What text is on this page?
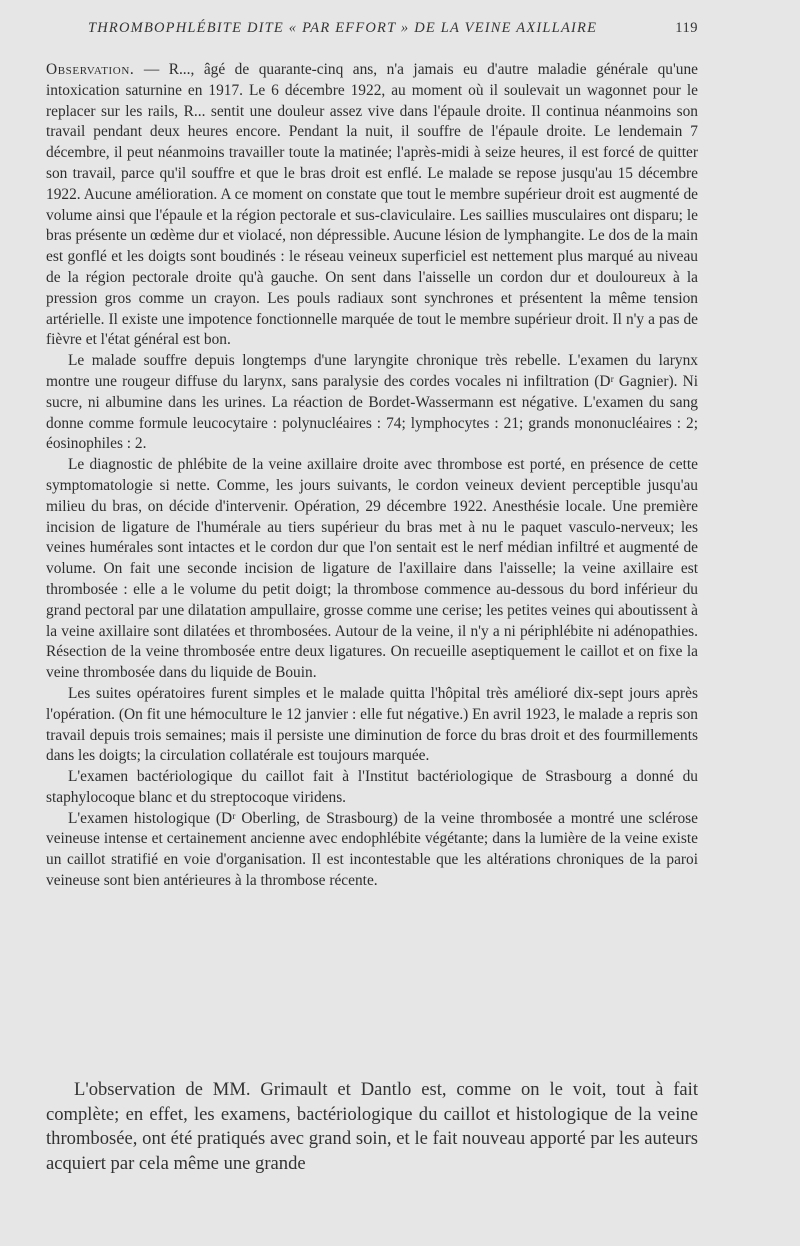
THROMBOPHLÉBITE DITE « PAR EFFORT » DE LA VEINE AXILLAIRE	119

Observation. — R..., âgé de quarante-cinq ans, n'a jamais eu d'autre maladie générale qu'une intoxication saturnine en 1917. Le 6 décembre 1922, au moment où il soulevait un wagonnet pour le replacer sur les rails, R... sentit une douleur assez vive dans l'épaule droite. Il continua néanmoins son travail pendant deux heures encore. Pendant la nuit, il souffre de l'épaule droite. Le lendemain 7 décembre, il peut néanmoins travailler toute la matinée; l'après-midi à seize heures, il est forcé de quitter son travail, parce qu'il souffre et que le bras droit est enflé. Le malade se repose jusqu'au 15 décembre 1922. Aucune amélioration. A ce moment on constate que tout le membre supérieur droit est augmenté de volume ainsi que l'épaule et la région pectorale et sus-claviculaire. Les saillies musculaires ont disparu; le bras présente un œdème dur et violacé, non dépressible. Aucune lésion de lymphangite. Le dos de la main est gonflé et les doigts sont boudinés : le réseau veineux superficiel est nettement plus marqué au niveau de la région pectorale droite qu'à gauche. On sent dans l'aisselle un cordon dur et douloureux à la pression gros comme un crayon. Les pouls radiaux sont synchrones et présentent la même tension artérielle. Il existe une impotence fonctionnelle marquée de tout le membre supérieur droit. Il n'y a pas de fièvre et l'état général est bon.

Le malade souffre depuis longtemps d'une laryngite chronique très rebelle. L'examen du larynx montre une rougeur diffuse du larynx, sans paralysie des cordes vocales ni infiltration (Dʳ Gagnier). Ni sucre, ni albumine dans les urines. La réaction de Bordet-Wassermann est négative. L'examen du sang donne comme formule leucocytaire : polynucléaires : 74; lymphocytes : 21; grands mononucléaires : 2; éosinophiles : 2.

Le diagnostic de phlébite de la veine axillaire droite avec thrombose est porté, en présence de cette symptomatologie si nette. Comme, les jours suivants, le cordon veineux devient perceptible jusqu'au milieu du bras, on décide d'intervenir. Opération, 29 décembre 1922. Anesthésie locale. Une première incision de ligature de l'humérale au tiers supérieur du bras met à nu le paquet vasculo-nerveux; les veines humérales sont intactes et le cordon dur que l'on sentait est le nerf médian infiltré et augmenté de volume. On fait une seconde incision de ligature de l'axillaire dans l'aisselle; la veine axillaire est thrombosée : elle a le volume du petit doigt; la thrombose commence au-dessous du bord inférieur du grand pectoral par une dilatation ampullaire, grosse comme une cerise; les petites veines qui aboutissent à la veine axillaire sont dilatées et thrombosées. Autour de la veine, il n'y a ni périphlébite ni adénopathies. Résection de la veine thrombosée entre deux ligatures. On recueille aseptiquement le caillot et on fixe la veine thrombosée dans du liquide de Bouin.

Les suites opératoires furent simples et le malade quitta l'hôpital très amélioré dix-sept jours après l'opération. (On fit une hémoculture le 12 janvier : elle fut négative.) En avril 1923, le malade a repris son travail depuis trois semaines; mais il persiste une diminution de force du bras droit et des fourmillements dans les doigts; la circulation collatérale est toujours marquée.

L'examen bactériologique du caillot fait à l'Institut bactériologique de Strasbourg a donné du staphylocoque blanc et du streptocoque viridens.

L'examen histologique (Dʳ Oberling, de Strasbourg) de la veine thrombosée a montré une sclérose veineuse intense et certainement ancienne avec endophlébite végétante; dans la lumière de la veine existe un caillot stratifié en voie d'organisation. Il est incontestable que les altérations chroniques de la paroi veineuse sont bien antérieures à la thrombose récente.

L'observation de MM. Grimault et Dantlo est, comme on le voit, tout à fait complète; en effet, les examens, bactériologique du caillot et histologique de la veine thrombosée, ont été pratiqués avec grand soin, et le fait nouveau apporté par les auteurs acquiert par cela même une grande
